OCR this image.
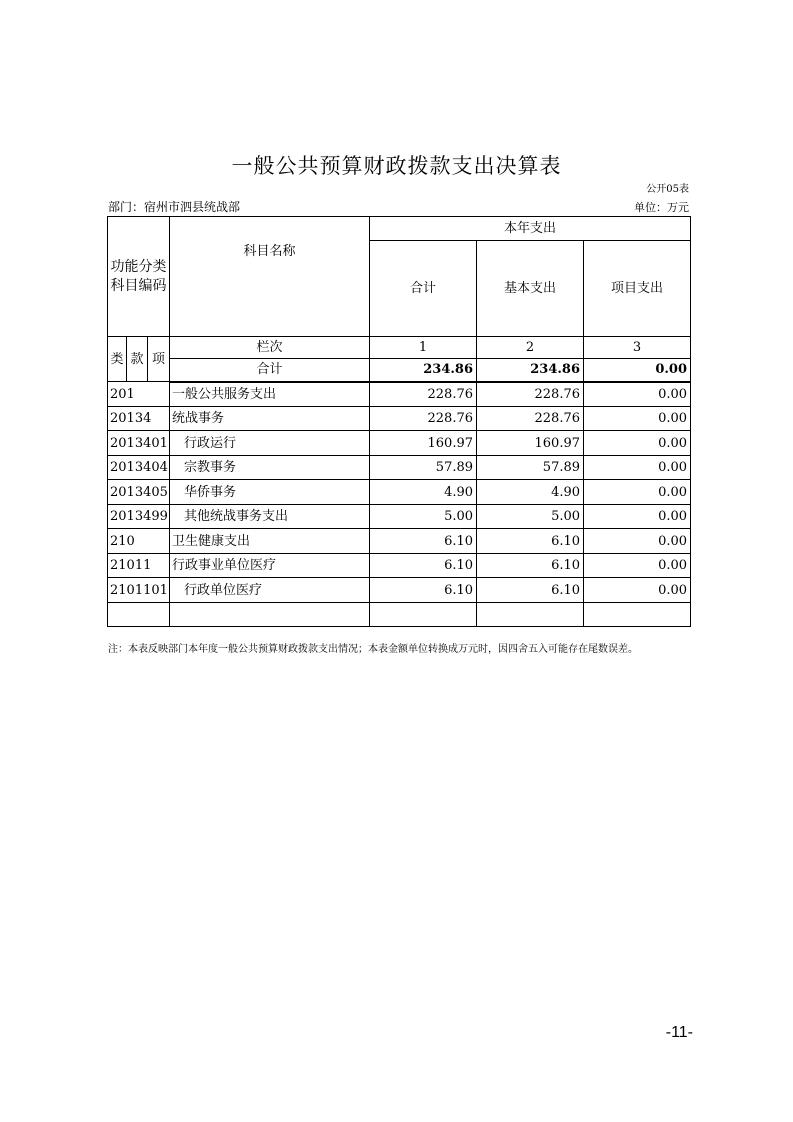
一般公共预算财政拨款支出决算表
公开05表
部门：宿州市泗县统战部	单位：万元
功能分类
科目编码			科目名称	本年支出		
				合计	基本支出	项目支出
类	款	项	栏次	1	2	3
			合计	234.86	234.86	0.00
201			一般公共服务支出	228.76	228.76	0.00
20134			统战事务	228.76	228.76	0.00
2013401			行政运行	160.97	160.97	0.00
2013404			宗教事务	57.89	57.89	0.00
2013405			华侨事务	4.90	4.90	0.00
2013499			其他统战事务支出	5.00	5.00	0.00
210			卫生健康支出	6.10	6.10	0.00
21011			行政事业单位医疗	6.10	6.10	0.00
2101101			行政单位医疗	6.10	6.10	0.00

注：本表反映部门本年度一般公共预算财政拨款支出情况；本表金额单位转换成万元时，因四舍五入可能存在尾数误差。
-11-
